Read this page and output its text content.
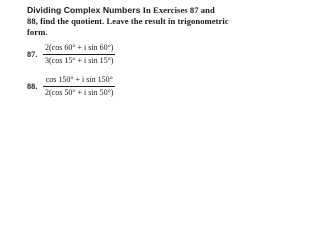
Dividing Complex Numbers In Exercises 87 and
88, find the quotient. Leave the result in trigonometric
form.
87. $\frac{\text{2(cos 60° + i sin 60°)}}{\text{3(cos 15° + i sin 15°)}}$
88. $\frac{\text{cos 150° + i sin 150°}}{\text{2(cos 50° + i sin 50°)}}$
